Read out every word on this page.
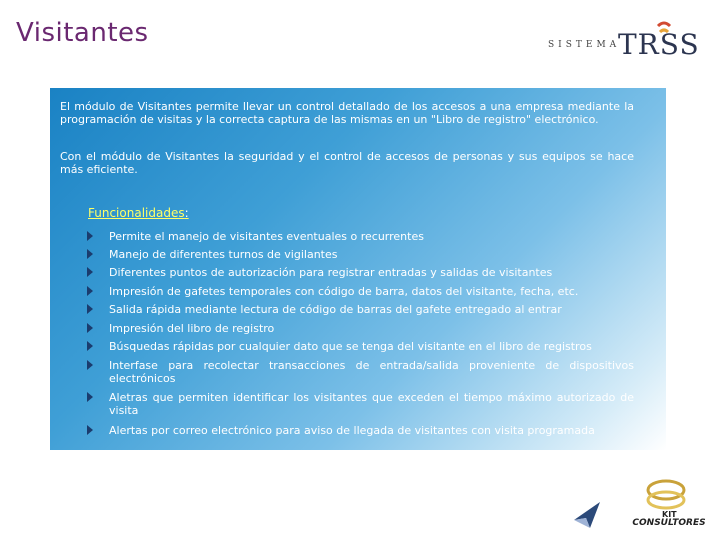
Visitantes	SISTEMA
TRSS
El módulo de Visitantes permite llevar un control detallado de los accesos a una empresa mediante la programación de visitas y la correcta captura de las mismas en un "Libro de registro" electrónico.
Con el módulo de Visitantes la seguridad y el control de accesos de personas y sus equipos se hace más eficiente.
Funcionalidades:
Permite el manejo de visitantes eventuales o recurrentes
Manejo de diferentes turnos de vigilantes
Diferentes puntos de autorización para registrar entradas y salidas de visitantes
Impresión de gafetes temporales con código de barra, datos del visitante, fecha, etc.
Salida rápida mediante lectura de código de barras del gafete entregado al entrar
Impresión del libro de registro
Búsquedas rápidas por cualquier dato que se tenga del visitante en el libro de registros
Interfase para recolectar transacciones de entrada/salida proveniente de dispositivos electrónicos
Aletras que permiten identificar los visitantes que exceden el tiempo máximo autorizado de visita
Alertas por correo electrónico para aviso de llegada de visitantes con visita programada
KIT
CONSULTORES
